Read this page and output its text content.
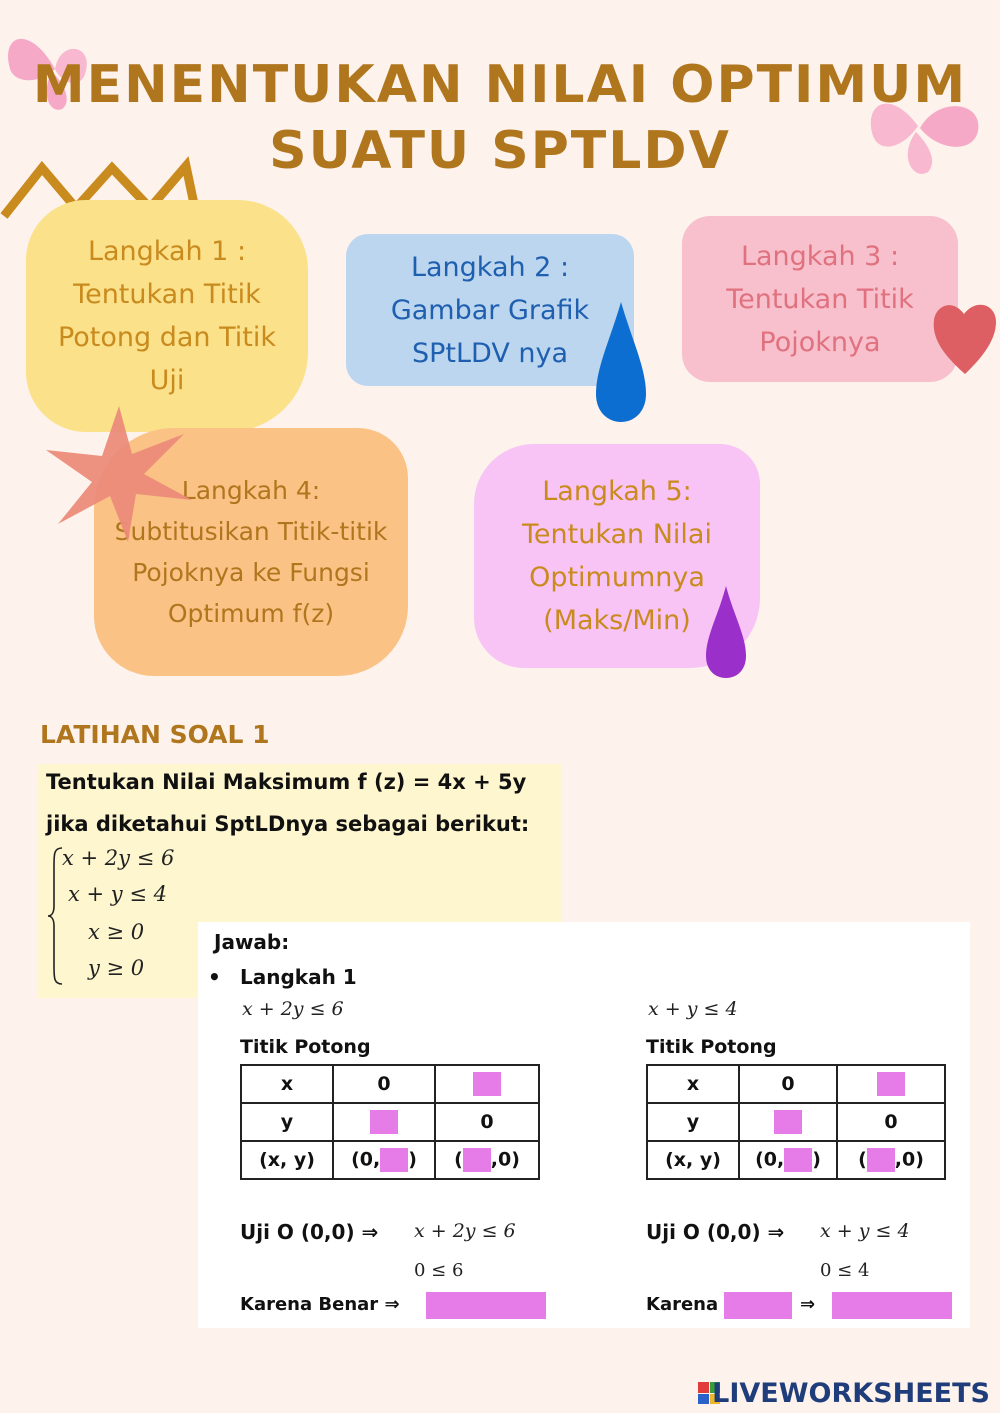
MENENTUKAN NILAI OPTIMUM
SUATU SPTLDV
Langkah 1 :
Tentukan Titik
Potong dan Titik
Uji
Langkah 2 :
Gambar Grafik
SPtLDV nya
Langkah 3 :
Tentukan Titik
Pojoknya
Langkah 4:
Subtitusikan Titik-titik
Pojoknya ke Fungsi
Optimum f(z)
Langkah 5:
Tentukan Nilai
Optimumnya
(Maks/Min)
LATIHAN SOAL 1
Tentukan Nilai Maksimum f (z) = 4x + 5y
jika diketahui SptLDnya sebagai berikut:
x + 2y ≤ 6
x + y ≤ 4
x ≥ 0
y ≥ 0
Jawab:
• Langkah 1
x + 2y ≤ 6
Titik Potong
x	0	
y		0
(x, y)	(0, )	( ,0)
Uji O (0,0) ⇒ x + 2y ≤ 6
0 ≤ 6
Karena Benar ⇒
x + y ≤ 4
Titik Potong
x	0	
y		0
(x, y)	(0, )	( ,0)
Uji O (0,0) ⇒ x + y ≤ 4
0 ≤ 4
Karena	⇒
LIVEWORKSHEETS
